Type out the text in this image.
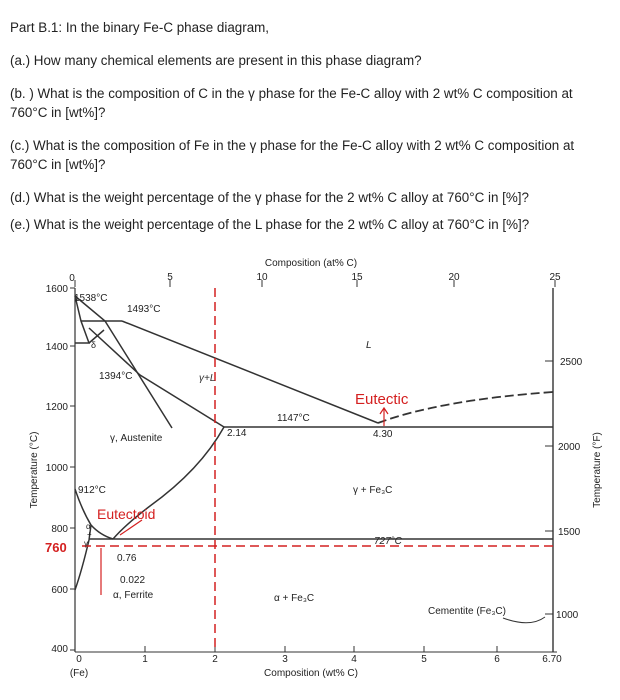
Part B.1: In the binary Fe-C phase diagram,
(a.) How many chemical elements are present in this phase diagram?
(b. ) What is the composition of C in the γ phase for the Fe-C alloy with 2 wt% C composition at
760°C in [wt%]?
(c.) What is the composition of Fe in the γ phase for the Fe-C alloy with 2 wt% C composition at
760°C in [wt%]?
(d.) What is the weight percentage of the γ phase for the 2 wt% C alloy at 760°C in [%]?
(e.) What is the weight percentage of the L phase for the 2 wt% C alloy at 760°C in [%]?
1600
1400
1200
1000
800
600
400
760
2500
2000
1500
1000
0	5	10	15	20	25
Composition (at% C)
0	1	2	3	4	5	6	6.70
(Fe)	Composition (wt% C)
Temperature (°C)	Temperature (°F)
1538°C
1493°C
1394°C
1147°C
912°C
2.14	4.30
0.76
0.022
L
γ, Austenite
α, Ferrite
γ + Fe₃C
α + Fe₃C
Cementite (Fe₃C)
δ
α
+
γ	727°C
γ+L
Eutectic
Eutectoid
